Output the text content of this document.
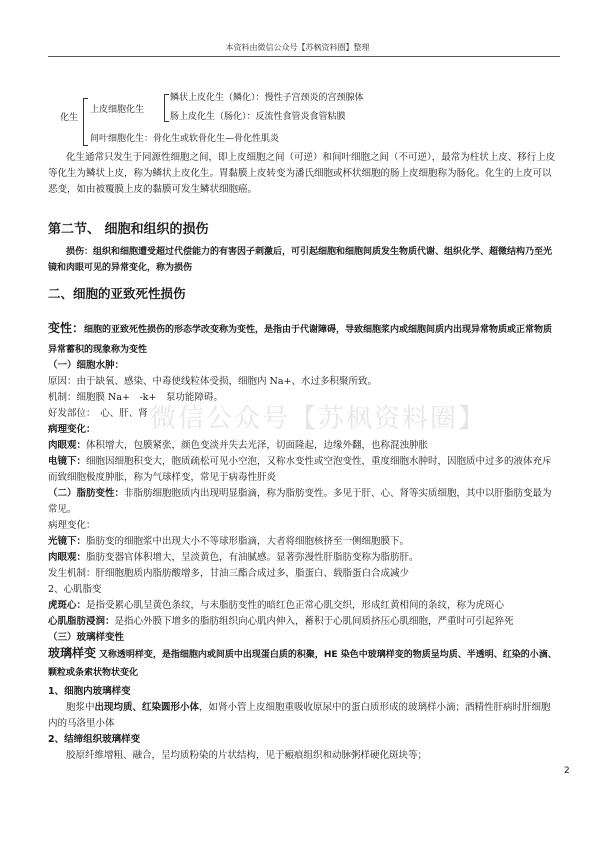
本资料由微信公众号【苏枫资料圈】整理
微信公众号【苏枫资料圈】
化生
上皮细胞化生
鳞状上皮化生（鳞化）：慢性子宫颈炎的宫颈腺体
肠上皮化生（肠化）：反流性食管炎食管粘膜
间叶细胞化生：骨化生或软骨化生—骨化性肌炎
化生通常只发生于同源性细胞之间，即上皮细胞之间（可逆）和间叶细胞之间（不可逆），最常为柱状上皮、移行上皮等化生为鳞状上皮，称为鳞状上皮化生。胃黏膜上皮转变为潘氏细胞或杯状细胞的肠上皮细胞称为肠化。化生的上皮可以恶变，如由被覆膜上皮的黏膜可发生鳞状细胞癌。
第二节、 细胞和组织的损伤
损伤：组织和细胞遭受超过代偿能力的有害因子刺激后，可引起细胞和细胞间质发生物质代谢、组织化学、超微结构乃至光镜和肉眼可见的异常变化，称为损伤
二、细胞的亚致死性损伤
变性：细胞的亚致死性损伤的形态学改变称为变性，是指由于代谢障碍，导致细胞浆内或细胞间质内出现异常物质或正常物质异常蓄积的现象称为变性
（一）细胞水肿：
原因：由于缺氧、感染、中毒使线粒体受损，细胞内 Na+、水过多积聚所致。
机制：细胞膜 Na+　-k+　泵功能障碍。
好发部位：　心、肝、肾
病理变化：
肉眼观：体积增大，包膜紧张，颜色变淡并失去光泽，切面隆起，边缘外翻，也称混浊肿胀
电镜下：细胞因细胞积变大，胞质疏松可见小空泡，又称水变性或空泡变性，重度细胞水肿时，因胞质中过多的液体充斥而致细胞极度肿胀，称为气球样变，常见于病毒性肝炎
（二）脂肪变性：非脂肪细胞胞质内出现明显脂滴，称为脂肪变性。多见于肝、心、肾等实质细胞，其中以肝脂肪变最为常见。
病理变化：
光镜下：脂肪变的细胞浆中出现大小不等球形脂滴，大者将细胞核挤至一侧细胞膜下。
肉眼观：脂肪变器官体积增大，呈淡黄色，有油腻感。显著弥漫性肝脂肪变称为脂肪肝。
发生机制：肝细胞胞质内脂肪酸增多，甘油三酯合成过多，脂蛋白、载脂蛋白合成减少
2、心肌脂变
虎斑心：是指受累心肌呈黄色条纹，与未脂肪变性的暗红色正常心肌交织，形成红黄相间的条纹，称为虎斑心
心肌脂肪浸润：是指心外膜下增多的脂肪组织向心肌内伸入，蓄积于心肌间质挤压心肌细胞，严重时可引起猝死
（三）玻璃样变性
玻璃样变 又称透明样变，是指细胞内或间质中出现蛋白质的积聚，HE 染色中玻璃样变的物质呈均质、半透明、红染的小滴、颗粒或条索状物状变化
1、细胞内玻璃样变
胞浆中出现均质、红染圆形小体，如肾小管上皮细胞重吸收原尿中的蛋白质形成的玻璃样小滴；酒精性肝病时肝细胞内的马洛里小体
2、结缔组织玻璃样变
胶原纤维增粗、融合，呈均质粉染的片状结构，见于瘢痕组织和动脉粥样硬化斑块等；
2
